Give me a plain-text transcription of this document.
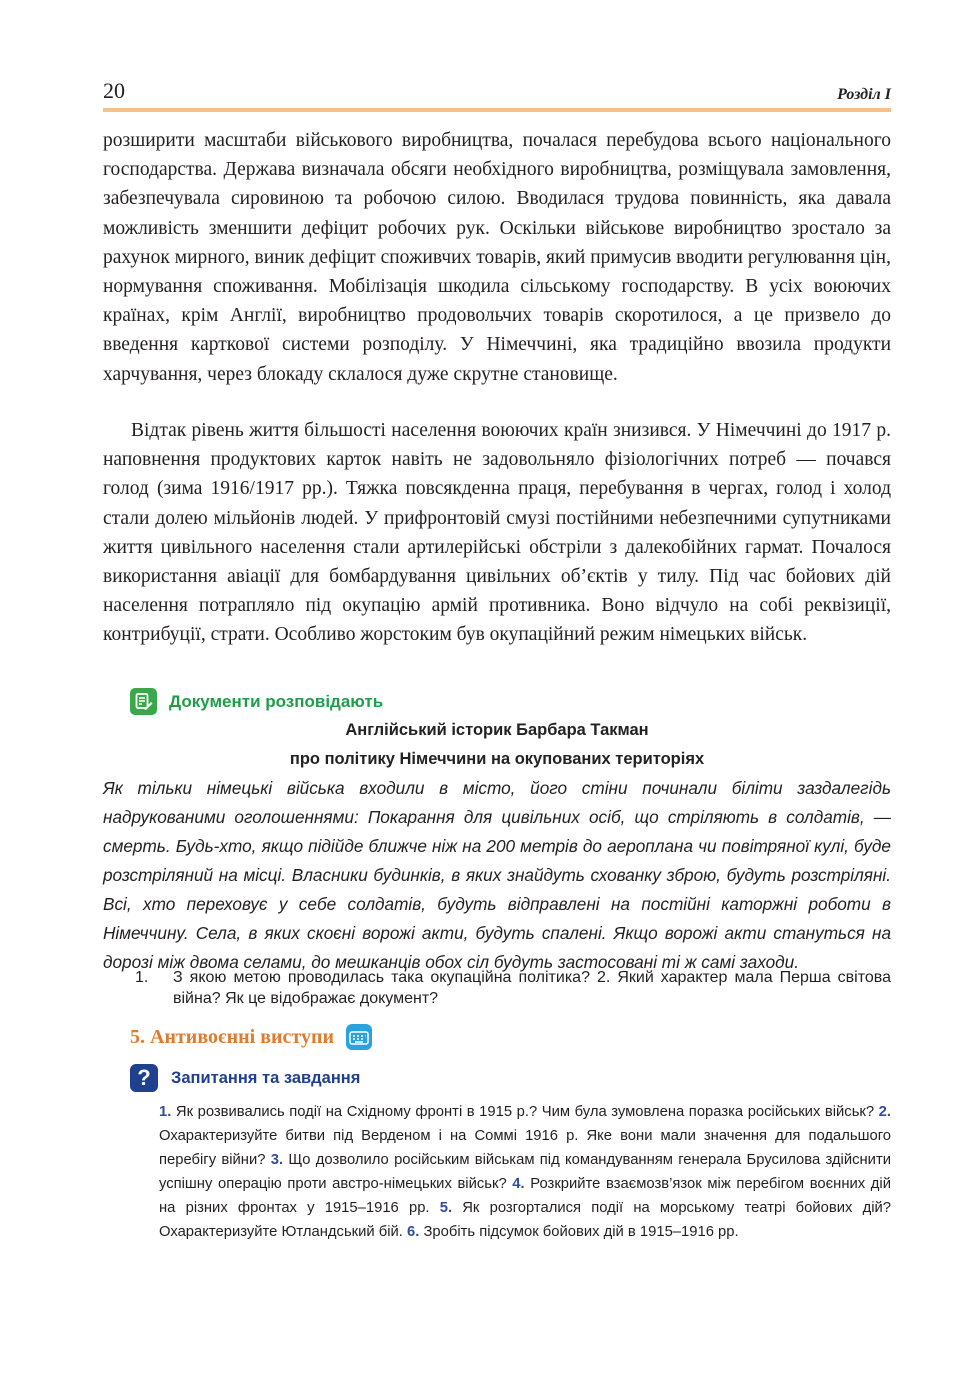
20	Розділ І

розширити масштаби військового виробництва, почалася перебудова всього національного господарства. Держава визначала обсяги необхідного виробництва, розміщувала замовлення, забезпечувала сировиною та робочою силою. Вводилася трудова повинність, яка давала можливість зменшити дефіцит робочих рук. Оскільки військове виробництво зростало за рахунок мирного, виник дефіцит споживчих товарів, який примусив вводити регулювання цін, нормування споживання. Мобілізація шкодила сільському господарству. В усіх воюючих країнах, крім Англії, виробництво продовольчих товарів скоротилося, а це призвело до введення карткової системи розподілу. У Німеччині, яка традиційно ввозила продукти харчування, через блокаду склалося дуже скрутне становище.

Відтак рівень життя більшості населення воюючих країн знизився. У Німеччині до 1917 р. наповнення продуктових карток навіть не задовольняло фізіологічних потреб — почався голод (зима 1916/1917 рр.). Тяжка повсякденна праця, перебування в чергах, голод і холод стали долею мільйонів людей. У прифронтовій смузі постійними небезпечними супутниками життя цивільного населення стали артилерійські обстріли з далекобійних гармат. Почалося використання авіації для бомбардування цивільних об’єктів у тилу. Під час бойових дій населення потрапляло під окупацію армій противника. Воно відчуло на собі реквізиції, контрибуції, страти. Особливо жорстоким був окупаційний режим німецьких військ.

Документи розповідають
Англійський історик Барбара Такман
про політику Німеччини на окупованих територіях

Як тільки німецькі війська входили в місто, його стіни починали біліти заздалегідь надрукованими оголошеннями: Покарання для цивільних осіб, що стріляють в солдатів, — смерть. Будь-хто, якщо підійде ближче ніж на 200 метрів до аероплана чи повітряної кулі, буде розстріляний на місці. Власники будинків, в яких знайдуть схованку зброю, будуть розстріляні. Всі, хто переховує у себе солдатів, будуть відправлені на постійні каторжні роботи в Німеччину. Села, в яких скоєні ворожі акти, будуть спалені. Якщо ворожі акти станутьcя на дорозі між двома селами, до мешканців обох сіл будуть застосовані ті ж самі заходи.

1.	З якою метою проводилась така окупаційна політика? 2. Який характер мала Перша світова війна? Як це відображає документ?
5. Антивоєнні виступи
?	Запитання та завдання
1. Як розвивались події на Східному фронті в 1915 р.? Чим була зумовлена поразка російських військ? 2. Охарактеризуйте битви під Верденом і на Соммі 1916 р. Яке вони мали значення для подальшого перебігу війни? 3. Що дозволило російським військам під командуванням генерала Брусилова здійснити успішну операцію проти австро-німецьких військ? 4. Розкрийте взаємозв’язок між перебігом воєнних дій на різних фронтах у 1915–1916 рр. 5. Як розгорталися події на морському театрі бойових дій? Охарактеризуйте Ютландський бій. 6. Зробіть підсумок бойових дій в 1915–1916 рр.
